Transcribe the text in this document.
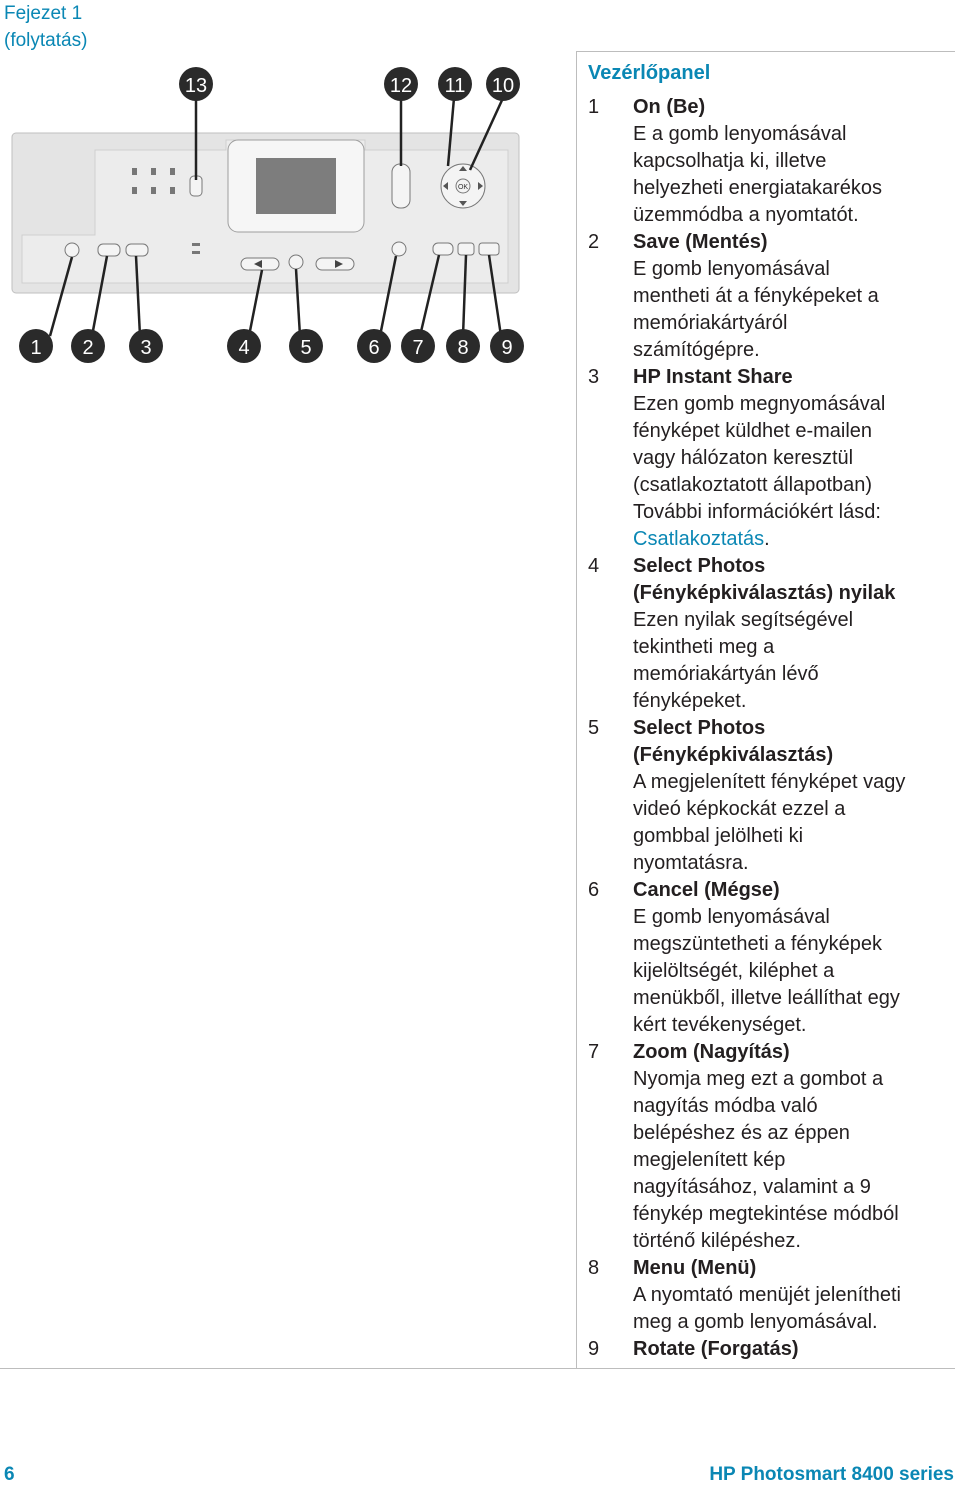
Fejezet 1
(folytatás)
OK
13	12 11 10
1 2 3	4	5	6 7 8 9
Vezérlőpanel
1 On (Be)
E a gomb lenyomásával
kapcsolhatja ki, illetve
helyezheti energiatakarékos
üzemmódba a nyomtatót.
2 Save (Mentés)
E gomb lenyomásával
mentheti át a fényképeket a
memóriakártyáról
számítógépre.
3 HP Instant Share
Ezen gomb megnyomásával
fényképet küldhet e-mailen
vagy hálózaton keresztül
(csatlakoztatott állapotban)
További információkért lásd:
Csatlakoztatás.
4 Select Photos
(Fényképkiválasztás) nyilak
Ezen nyilak segítségével
tekintheti meg a
memóriakártyán lévő
fényképeket.
5 Select Photos
(Fényképkiválasztás)
A megjelenített fényképet vagy
videó képkockát ezzel a
gombbal jelölheti ki
nyomtatásra.
6 Cancel (Mégse)
E gomb lenyomásával
megszüntetheti a fényképek
kijelöltségét, kiléphet a
menükből, illetve leállíthat egy
kért tevékenységet.
7 Zoom (Nagyítás)
Nyomja meg ezt a gombot a
nagyítás módba való
belépéshez és az éppen
megjelenített kép
nagyításához, valamint a 9
fénykép megtekintése módból
történő kilépéshez.
8 Menu (Menü)
A nyomtató menüjét jelenítheti
meg a gomb lenyomásával.
9 Rotate (Forgatás)
6	HP Photosmart 8400 series
